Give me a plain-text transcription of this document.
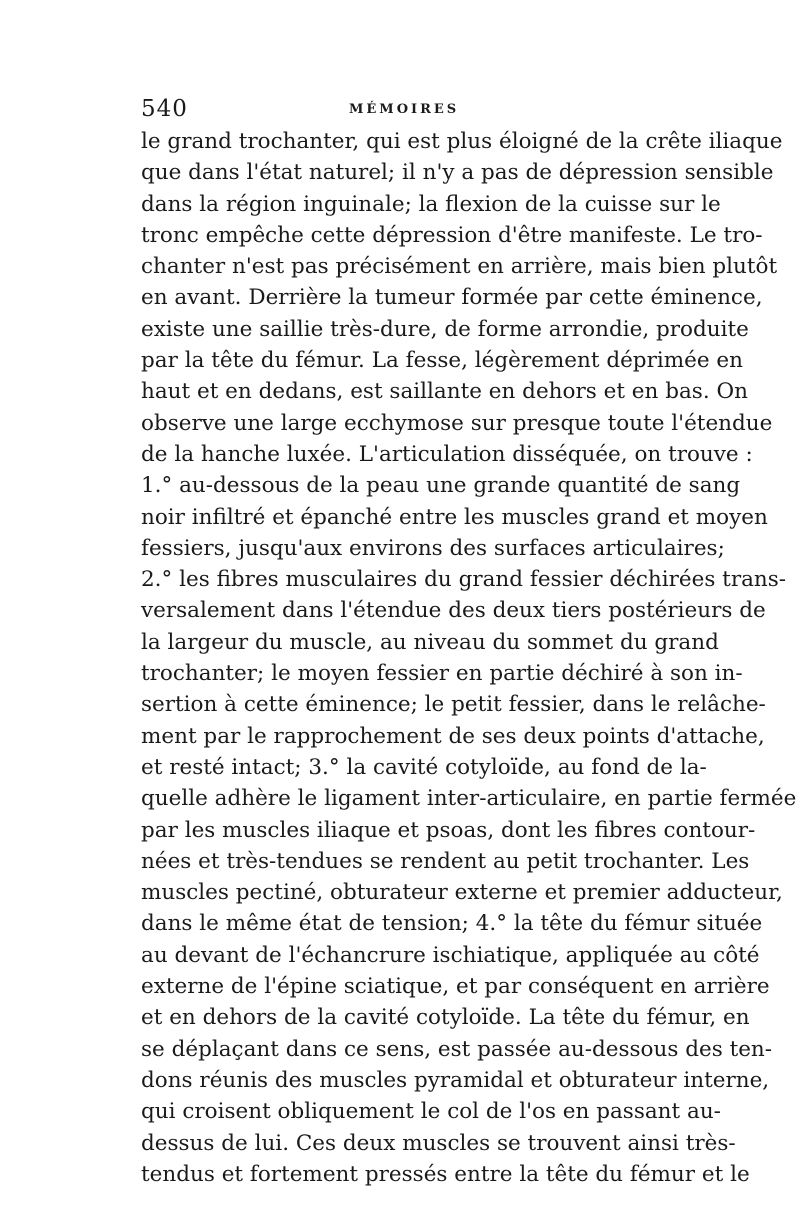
540	MÉMOIRES
le grand trochanter, qui est plus éloigné de la crête iliaque
que dans l'état naturel; il n'y a pas de dépression sensible
dans la région inguinale; la flexion de la cuisse sur le
tronc empêche cette dépression d'être manifeste. Le tro-
chanter n'est pas précisément en arrière, mais bien plutôt
en avant. Derrière la tumeur formée par cette éminence,
existe une saillie très-dure, de forme arrondie, produite
par la tête du fémur. La fesse, légèrement déprimée en
haut et en dedans, est saillante en dehors et en bas. On
observe une large ecchymose sur presque toute l'étendue
de la hanche luxée. L'articulation disséquée, on trouve :
1.° au-dessous de la peau une grande quantité de sang
noir infiltré et épanché entre les muscles grand et moyen
fessiers, jusqu'aux environs des surfaces articulaires;
2.° les fibres musculaires du grand fessier déchirées trans-
versalement dans l'étendue des deux tiers postérieurs de
la largeur du muscle, au niveau du sommet du grand
trochanter; le moyen fessier en partie déchiré à son in-
sertion à cette éminence; le petit fessier, dans le relâche-
ment par le rapprochement de ses deux points d'attache,
et resté intact; 3.° la cavité cotyloïde, au fond de la-
quelle adhère le ligament inter-articulaire, en partie fermée
par les muscles iliaque et psoas, dont les fibres contour-
nées et très-tendues se rendent au petit trochanter. Les
muscles pectiné, obturateur externe et premier adducteur,
dans le même état de tension; 4.° la tête du fémur située
au devant de l'échancrure ischiatique, appliquée au côté
externe de l'épine sciatique, et par conséquent en arrière
et en dehors de la cavité cotyloïde. La tête du fémur, en
se déplaçant dans ce sens, est passée au-dessous des ten-
dons réunis des muscles pyramidal et obturateur interne,
qui croisent obliquement le col de l'os en passant au-
dessus de lui. Ces deux muscles se trouvent ainsi très-
tendus et fortement pressés entre la tête du fémur et le
